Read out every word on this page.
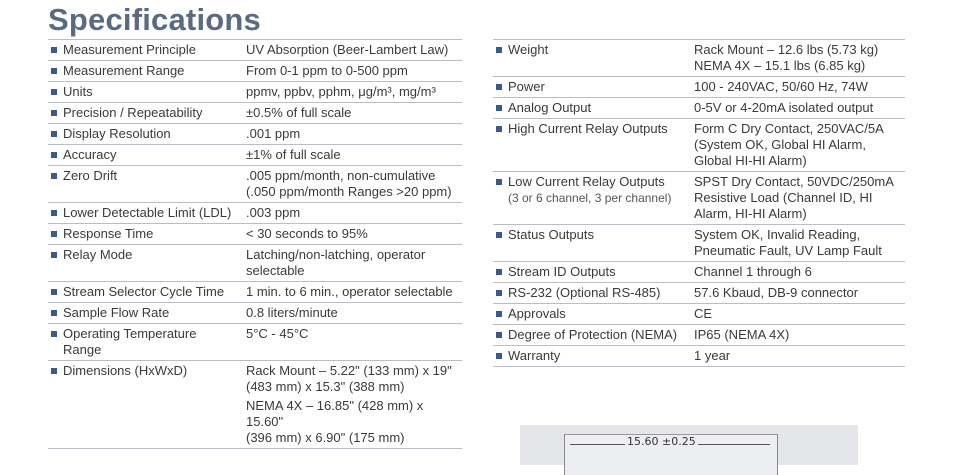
Specifications
Measurement Principle	UV Absorption (Beer-Lambert Law)

Measurement Range	From 0-1 ppm to 0-500 ppm

Units	ppmv, ppbv, pphm, μg/m³, mg/m³

Precision / Repeatability	±0.5% of full scale

Display Resolution	.001 ppm

Accuracy	±1% of full scale

Zero Drift	.005 ppm/month, non-cumulative
(.050 ppm/month Ranges >20 ppm)

Lower Detectable Limit (LDL)	.003 ppm

Response Time	< 30 seconds to 95%

Relay Mode	Latching/non-latching, operator
selectable

Stream Selector Cycle Time	1 min. to 6 min., operator selectable

Sample Flow Rate	0.8 liters/minute

Operating Temperature Range	5°C - 45°C

Dimensions (HxWxD)	Rack Mount – 5.22" (133 mm) x 19"
(483 mm) x 15.3" (388 mm)
NEMA 4X – 16.85" (428 mm) x 15.60"
(396 mm) x 6.90" (175 mm)
Weight	Rack Mount – 12.6 lbs (5.73 kg)
NEMA 4X – 15.1 lbs (6.85 kg)

Power	100 - 240VAC, 50/60 Hz, 74W

Analog Output	0-5V or 4-20mA isolated output

High Current Relay Outputs	Form C Dry Contact, 250VAC/5A
(System OK, Global HI Alarm,
Global HI-HI Alarm)

Low Current Relay Outputs
(3 or 6 channel, 3 per channel)	SPST Dry Contact, 50VDC/250mA
Resistive Load (Channel ID, HI
Alarm, HI-HI Alarm)

Status Outputs	System OK, Invalid Reading,
Pneumatic Fault, UV Lamp Fault

Stream ID Outputs	Channel 1 through 6

RS-232 (Optional RS-485)	57.6 Kbaud, DB-9 connector

Approvals	CE

Degree of Protection (NEMA)	IP65 (NEMA 4X)

Warranty	1 year
15.60 ±0.25
